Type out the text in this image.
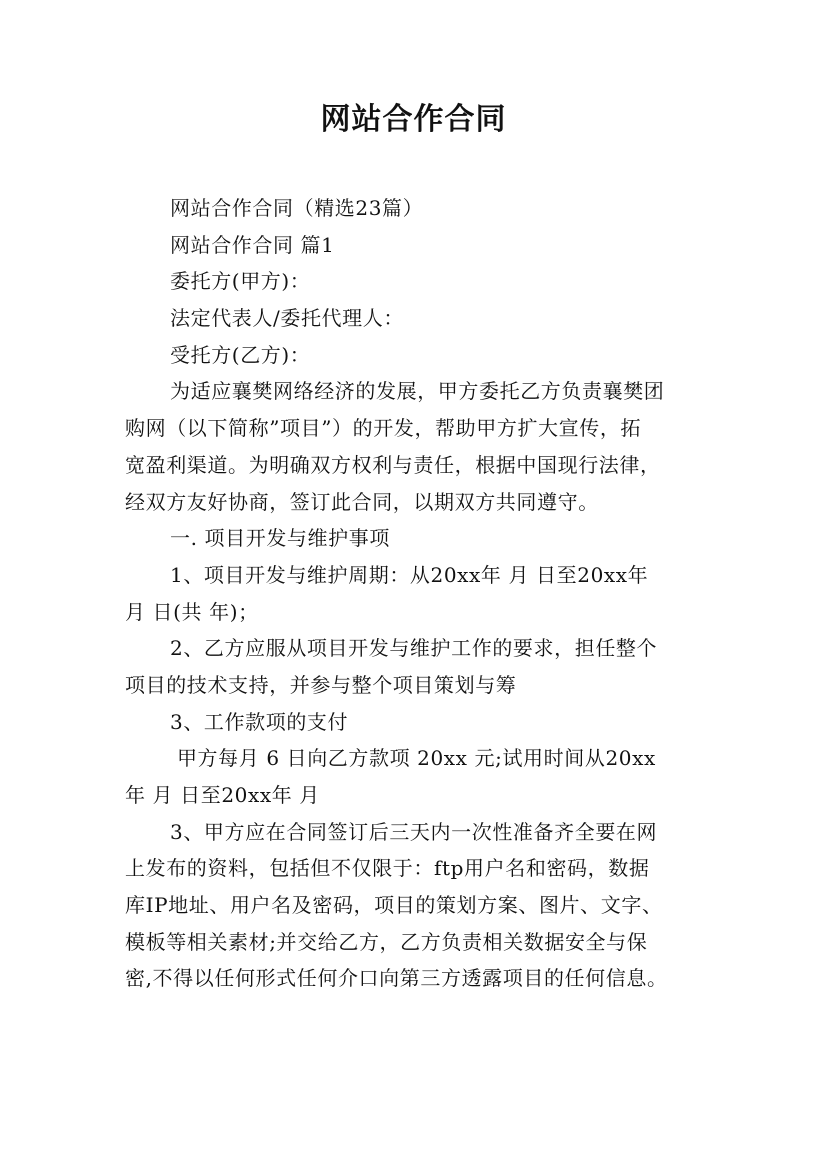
网站合作合同
网站合作合同（精选23篇）
网站合作合同 篇1
委托方(甲方)：
法定代表人/委托代理人：
受托方(乙方)：
为适应襄樊网络经济的发展，甲方委托乙方负责襄樊团
购网（以下简称”项目”）的开发，帮助甲方扩大宣传，拓
宽盈利渠道。为明确双方权利与责任，根据中国现行法律，
经双方友好协商，签订此合同，以期双方共同遵守。
一. 项目开发与维护事项
1、项目开发与维护周期：从20xx年 月 日至20xx年
月 日(共 年)；
2、乙方应服从项目开发与维护工作的要求，担任整个
项目的技术支持，并参与整个项目策划与筹
3、工作款项的支付
甲方每月 6 日向乙方款项 20xx 元;试用时间从20xx
年 月 日至20xx年 月
3、甲方应在合同签订后三天内一次性准备齐全要在网
上发布的资料，包括但不仅限于：ftp用户名和密码，数据
库IP地址、用户名及密码，项目的策划方案、图片、文字、
模板等相关素材;并交给乙方，乙方负责相关数据安全与保
密,不得以任何形式任何介口向第三方透露项目的任何信息。
